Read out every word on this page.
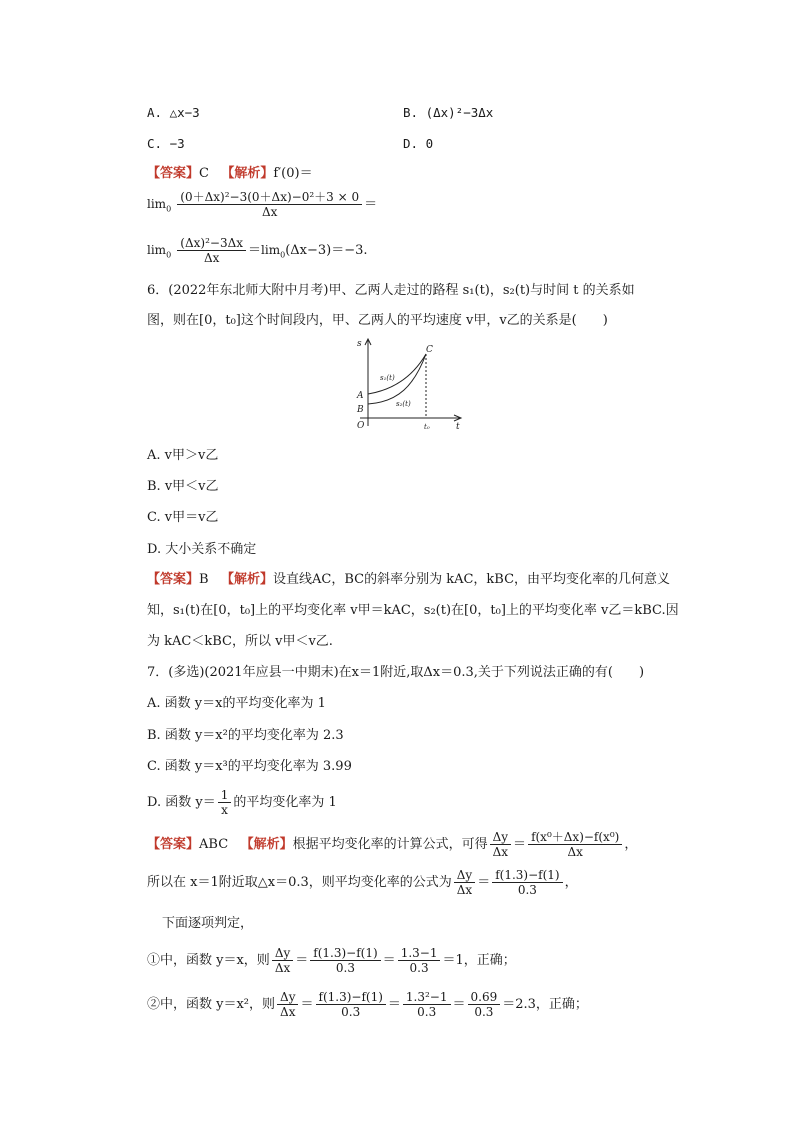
A. △x−3	B. (Δx)²−3Δx
C. −3	D. 0
【答案】C 【解析】f′(0)＝
$\lim_0 \frac{\text{(0＋Δx)²−3(0＋Δx)−0²＋3 × 0}}{\Delta x}$ ＝
$\lim_0 \frac{\text{(Δx)²−3Δx}}{\Delta x} =\lim_0(\Delta x-3)=-3$.
6．(2022年东北师大附中月考)甲、乙两人走过的路程 s₁(t)，s₂(t)与时间 t 的关系如
图，则在[0，t₀]这个时间段内，甲、乙两人的平均速度 v甲，v乙的关系是(　　)
s
t
O
A
B
C
s₁(t)
s₂(t)
t₀
A. v甲＞v乙
B. v甲＜v乙
C. v甲＝v乙
D. 大小关系不确定
【答案】B 【解析】设直线AC，BC的斜率分别为 kAC，kBC，由平均变化率的几何意义
知，s₁(t)在[0，t₀]上的平均变化率 v甲＝kAC，s₂(t)在[0，t₀]上的平均变化率 v乙＝kBC.因
为 kAC＜kBC，所以 v甲＜v乙.
7．(多选)(2021年应县一中期末)在x＝1附近,取Δx＝0.3,关于下列说法正确的有(　　)
A. 函数 y＝x的平均变化率为 1
B. 函数 y＝x²的平均变化率为 2.3
C. 函数 y＝x³的平均变化率为 3.99
D. 函数 $y= \frac{1}{x}$ 的平均变化率为 1
【答案】ABC 【解析】根据平均变化率的计算公式，可得 $\frac{\Delta y}{\Delta x} = \frac{\text{f(x⁰＋Δx)−f(x⁰)}}{\Delta x}$ ，
所以在 x＝1附近取△x＝0.3，则平均变化率的公式为 $\frac{\Delta y}{\Delta x} = \frac{f(1.3)-f(1)}{0.3}$ ，
下面逐项判定，
①中，函数 y＝x，则 $\frac{\Delta y}{\Delta x} = \frac{f(1.3)-f(1)}{0.3} = \frac{1.3-1}{0.3} =1$，正确；
②中，函数 y＝x²，则 $\frac{\Delta y}{\Delta x} = \frac{f(1.3)-f(1)}{0.3} = \frac{\text{1.3²−1}}{0.3} = \frac{0.69}{0.3} =2.3$，正确；
